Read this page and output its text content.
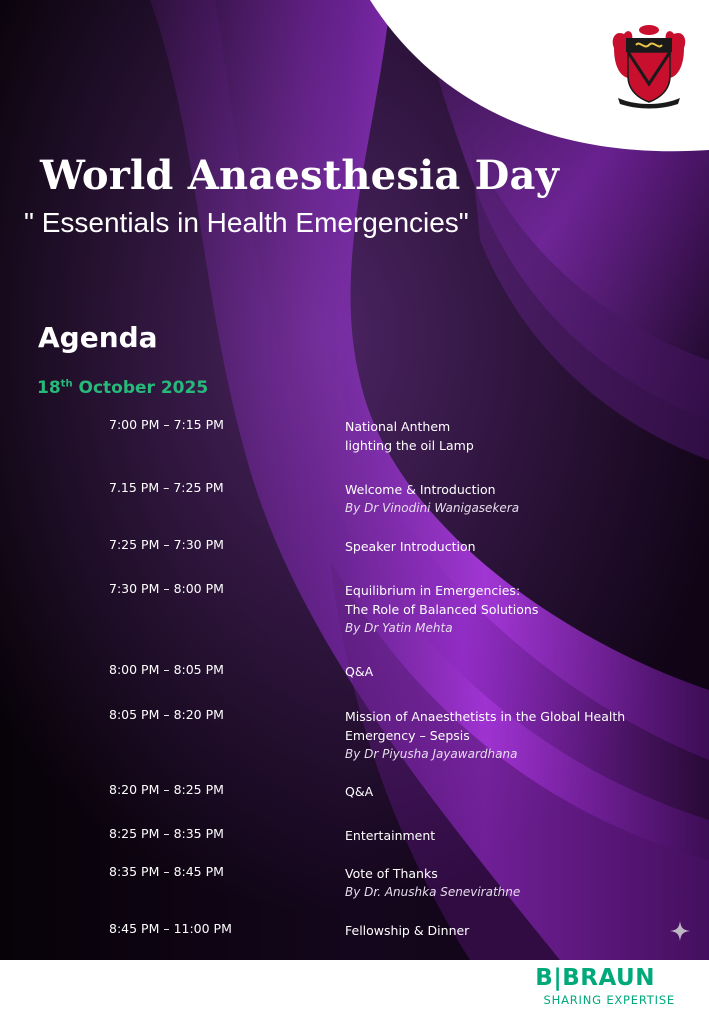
World Anaesthesia Day
" Essentials in Health Emergencies"
Agenda
18th October 2025
7:00 PM – 7:15 PM	National Anthem
lighting the oil Lamp
7.15 PM – 7:25 PM	Welcome & Introduction
By Dr Vinodini Wanigasekera
7:25 PM – 7:30 PM	Speaker Introduction
7:30 PM – 8:00 PM	Equilibrium in Emergencies:
The Role of Balanced Solutions
By Dr Yatin Mehta
8:00 PM – 8:05 PM	Q&A
8:05 PM – 8:20 PM	Mission of Anaesthetists in the Global Health
Emergency – Sepsis
By Dr Piyusha Jayawardhana
8:20 PM – 8:25 PM	Q&A
8:25 PM – 8:35 PM	Entertainment
8:35 PM – 8:45 PM	Vote of Thanks
By Dr. Anushka Senevirathne
8:45 PM – 11:00 PM	Fellowship & Dinner
B|BRAUN
SHARING EXPERTISE
